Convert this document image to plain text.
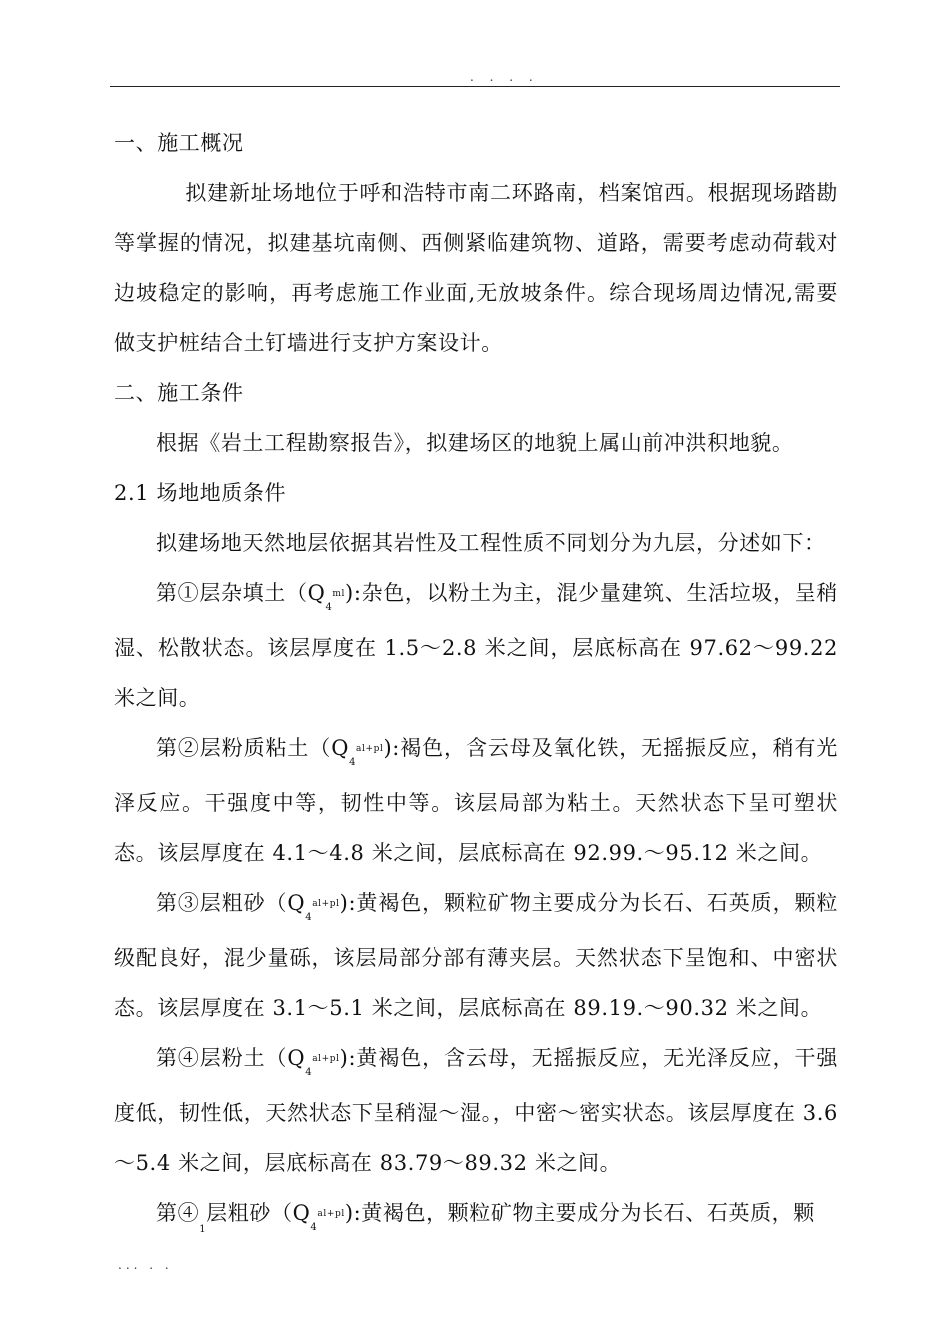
. . . .

一、施工概况

拟建新址场地位于呼和浩特市南二环路南，档案馆西。根据现场踏勘等掌握的情况，拟建基坑南侧、西侧紧临建筑物、道路，需要考虑动荷载对边坡稳定的影响，再考虑施工作业面,无放坡条件。综合现场周边情况,需要做支护桩结合土钉墙进行支护方案设计。

二、施工条件

根据《岩土工程勘察报告》，拟建场区的地貌上属山前冲洪积地貌。

2.1 场地地质条件

拟建场地天然地层依据其岩性及工程性质不同划分为九层，分述如下：

第①层杂填土$(Q_4ml)$:杂色，以粉土为主，混少量建筑、生活垃圾，呈稍湿、松散状态。该层厚度在 1.5～2.8 米之间，层底标高在 97.62～99.22 米之间。

第②层粉质粘土$(Q_4al+pl)$:褐色，含云母及氧化铁，无摇振反应，稍有光泽反应。干强度中等，韧性中等。该层局部为粘土。天然状态下呈可塑状态。该层厚度在 4.1～4.8 米之间，层底标高在 92.99.～95.12 米之间。

第③层粗砂$(Q_4al+pl)$:黄褐色，颗粒矿物主要成分为长石、石英质，颗粒级配良好，混少量砾，该层局部分部有薄夹层。天然状态下呈饱和、中密状态。该层厚度在 3.1～5.1 米之间，层底标高在 89.19.～90.32 米之间。

第④层粉土$(Q_4al+pl)$:黄褐色，含云母，无摇振反应，无光泽反应，干强度低，韧性低，天然状态下呈稍湿～湿。，中密～密实状态。该层厚度在 3.6～5.4 米之间，层底标高在 83.79～89.32 米之间。

第$④_1$层粗砂$(Q_4al+pl)$:黄褐色，颗粒矿物主要成分为长石、石英质，颗

... . .
